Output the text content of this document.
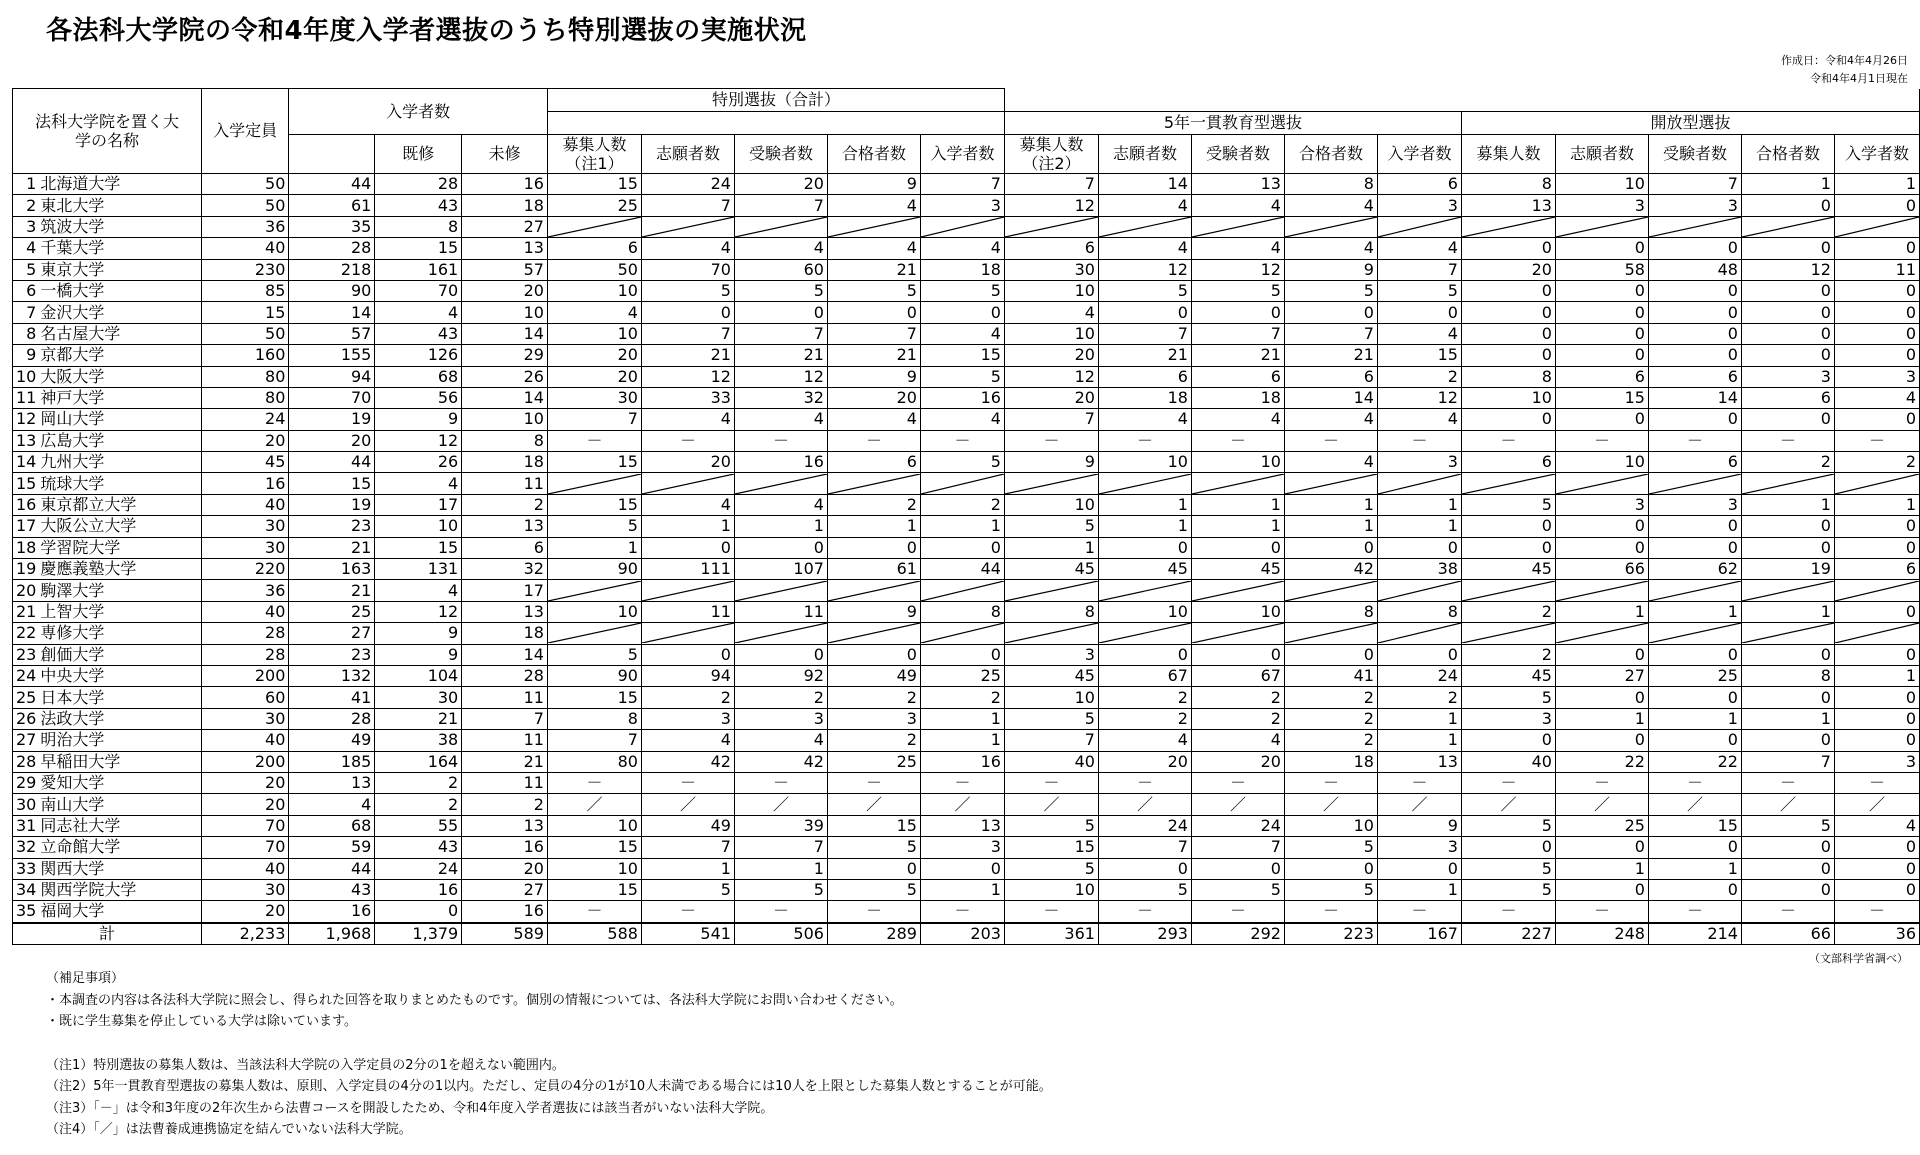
各法科大学院の令和4年度入学者選抜のうち特別選抜の実施状況
作成日：令和4年4月26日
令和4年4月1日現在
法科大学院を置く大学の名称		入学定員	入学者数			特別選抜（合計）														
											5年一貫教育型選抜					開放型選抜				
				既修	未修	募集人数（注1）	志願者数	受験者数	合格者数	入学者数	募集人数（注2）	志願者数	受験者数	合格者数	入学者数	募集人数	志願者数	受験者数	合格者数	入学者数
1	北海道大学	50	44	28	16	15	24	20	9	7	7	14	13	8	6	8	10	7	1	1
2	東北大学	50	61	43	18	25	7	7	4	3	12	4	4	4	3	13	3	3	0	0
3	筑波大学	36	35	8	27	

4	千葉大学	40	28	15	13	6	4	4	4	4	6	4	4	4	4	0	0	0	0	0
5	東京大学	230	218	161	57	50	70	60	21	18	30	12	12	9	7	20	58	48	12	11
6	一橋大学	85	90	70	20	10	5	5	5	5	10	5	5	5	5	0	0	0	0	0
7	金沢大学	15	14	4	10	4	0	0	0	0	4	0	0	0	0	0	0	0	0	0
8	名古屋大学	50	57	43	14	10	7	7	7	4	10	7	7	7	4	0	0	0	0	0
9	京都大学	160	155	126	29	20	21	21	21	15	20	21	21	21	15	0	0	0	0	0
10	大阪大学	80	94	68	26	20	12	12	9	5	12	6	6	6	2	8	6	6	3	3
11	神戸大学	80	70	56	14	30	33	32	20	16	20	18	18	14	12	10	15	14	6	4
12	岡山大学	24	19	9	10	7	4	4	4	4	7	4	4	4	4	0	0	0	0	0
13	広島大学	20	20	12	8	－	－	－	－	－	－	－	－	－	－	－	－	－	－	－
14	九州大学	45	44	26	18	15	20	16	6	5	9	10	10	4	3	6	10	6	2	2
15	琉球大学	16	15	4	11	

16	東京都立大学	40	19	17	2	15	4	4	2	2	10	1	1	1	1	5	3	3	1	1
17	大阪公立大学	30	23	10	13	5	1	1	1	1	5	1	1	1	1	0	0	0	0	0
18	学習院大学	30	21	15	6	1	0	0	0	0	1	0	0	0	0	0	0	0	0	0
19	慶應義塾大学	220	163	131	32	90	111	107	61	44	45	45	45	42	38	45	66	62	19	6
20	駒澤大学	36	21	4	17	

21	上智大学	40	25	12	13	10	11	11	9	8	8	10	10	8	8	2	1	1	1	0
22	専修大学	28	27	9	18	

23	創価大学	28	23	9	14	5	0	0	0	0	3	0	0	0	0	2	0	0	0	0
24	中央大学	200	132	104	28	90	94	92	49	25	45	67	67	41	24	45	27	25	8	1
25	日本大学	60	41	30	11	15	2	2	2	2	10	2	2	2	2	5	0	0	0	0
26	法政大学	30	28	21	7	8	3	3	3	1	5	2	2	2	1	3	1	1	1	0
27	明治大学	40	49	38	11	7	4	4	2	1	7	4	4	2	1	0	0	0	0	0
28	早稲田大学	200	185	164	21	80	42	42	25	16	40	20	20	18	13	40	22	22	7	3
29	愛知大学	20	13	2	11	－	－	－	－	－	－	－	－	－	－	－	－	－	－	－
30	南山大学	20	4	2	2	／	／	／	／	／	／	／	／	／	／	／	／	／	／	／
31	同志社大学	70	68	55	13	10	49	39	15	13	5	24	24	10	9	5	25	15	5	4
32	立命館大学	70	59	43	16	15	7	7	5	3	15	7	7	5	3	0	0	0	0	0
33	関西大学	40	44	24	20	10	1	1	0	0	5	0	0	0	0	5	1	1	0	0
34	関西学院大学	30	43	16	27	15	5	5	5	1	10	5	5	5	1	5	0	0	0	0
35	福岡大学	20	16	0	16	－	－	－	－	－	－	－	－	－	－	－	－	－	－	－
計		2,233	1,968	1,379	589	588	541	506	289	203	361	293	292	223	167	227	248	214	66	36
（文部科学省調べ）
（補足事項）
・本調査の内容は各法科大学院に照会し、得られた回答を取りまとめたものです。個別の情報については、各法科大学院にお問い合わせください。
・既に学生募集を停止している大学は除いています。
（注1）特別選抜の募集人数は、当該法科大学院の入学定員の2分の1を超えない範囲内。
（注2）5年一貫教育型選抜の募集人数は、原則、入学定員の4分の1以内。ただし、定員の4分の1が10人未満である場合には10人を上限とした募集人数とすることが可能。
（注3）「－」は令和3年度の2年次生から法曹コースを開設したため、令和4年度入学者選抜には該当者がいない法科大学院。
（注4）「／」は法曹養成連携協定を結んでいない法科大学院。
